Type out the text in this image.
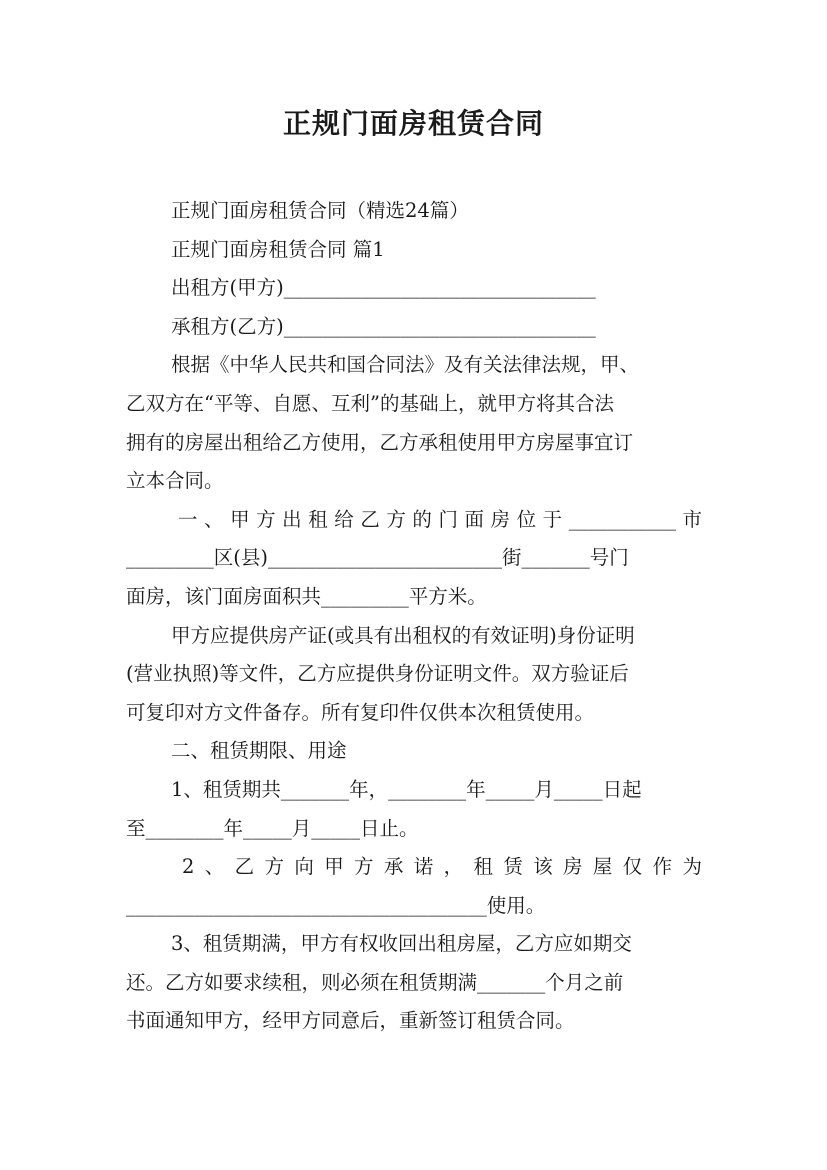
正规门面房租赁合同
正规门面房租赁合同（精选24篇）
正规门面房租赁合同 篇1
出租方(甲方)________________________________
承租方(乙方)________________________________
根据《中华人民共和国合同法》及有关法律法规，甲、
乙双方在“平等、自愿、互利”的基础上，就甲方将其合法
拥有的房屋出租给乙方使用，乙方承租使用甲方房屋事宜订
立本合同。
一、甲方出租给乙方的门面房位于___________市
_________区(县)________________________街_______号门
面房，该门面房面积共_________平方米。
甲方应提供房产证(或具有出租权的有效证明)身份证明
(营业执照)等文件，乙方应提供身份证明文件。双方验证后
可复印对方文件备存。所有复印件仅供本次租赁使用。
二、租赁期限、用途
1、租赁期共_______年，________年_____月_____日起
至________年_____月_____日止。
2、乙方向甲方承诺，租赁该房屋仅作为
_____________________________________使用。
3、租赁期满，甲方有权收回出租房屋，乙方应如期交
还。乙方如要求续租，则必须在租赁期满_______个月之前
书面通知甲方，经甲方同意后，重新签订租赁合同。
